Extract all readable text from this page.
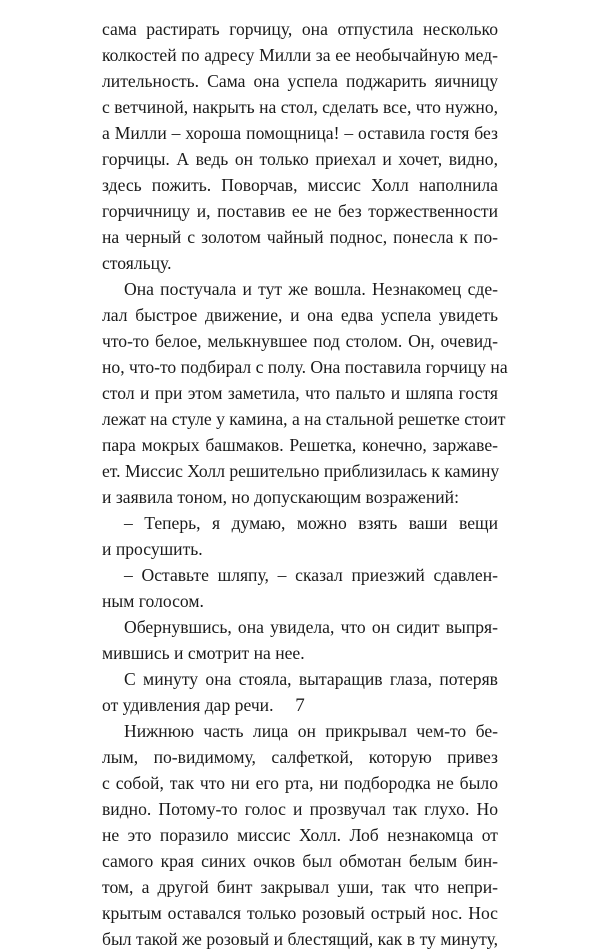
сама растирать горчицу, она отпустила несколько
колкостей по адресу Милли за ее необычайную мед-
лительность. Сама она успела поджарить яичницу
с ветчиной, накрыть на стол, сделать все, что нужно,
а Милли – хороша помощница! – оставила гостя без
горчицы. А ведь он только приехал и хочет, видно,
здесь пожить. Поворчав, миссис Холл наполнила
горчичницу и, поставив ее не без торжественности
на черный с золотом чайный поднос, понесла к по-
стояльцу.
Она постучала и тут же вошла. Незнакомец сде-
лал быстрое движение, и она едва успела увидеть
что-то белое, мелькнувшее под столом. Он, очевид-
но, что-то подбирал с полу. Она поставила горчицу на
стол и при этом заметила, что пальто и шляпа гостя
лежат на стуле у камина, а на стальной решетке стоит
пара мокрых башмаков. Решетка, конечно, заржаве-
ет. Миссис Холл решительно приблизилась к камину
и заявила тоном, но допускающим возражений:
– Теперь, я думаю, можно взять ваши вещи
и просушить.
– Оставьте шляпу, – сказал приезжий сдавлен-
ным голосом.
Обернувшись, она увидела, что он сидит выпря-
мившись и смотрит на нее.
С минуту она стояла, вытаращив глаза, потеряв
от удивления дар речи.
Нижнюю часть лица он прикрывал чем-то бе-
лым, по-видимому, салфеткой, которую привез
с собой, так что ни его рта, ни подбородка не было
видно. Потому-то голос и прозвучал так глухо. Но
не это поразило миссис Холл. Лоб незнакомца от
самого края синих очков был обмотан белым бин-
том, а другой бинт закрывал уши, так что непри-
крытым оставался только розовый острый нос. Нос
был такой же розовый и блестящий, как в ту минуту,
7
